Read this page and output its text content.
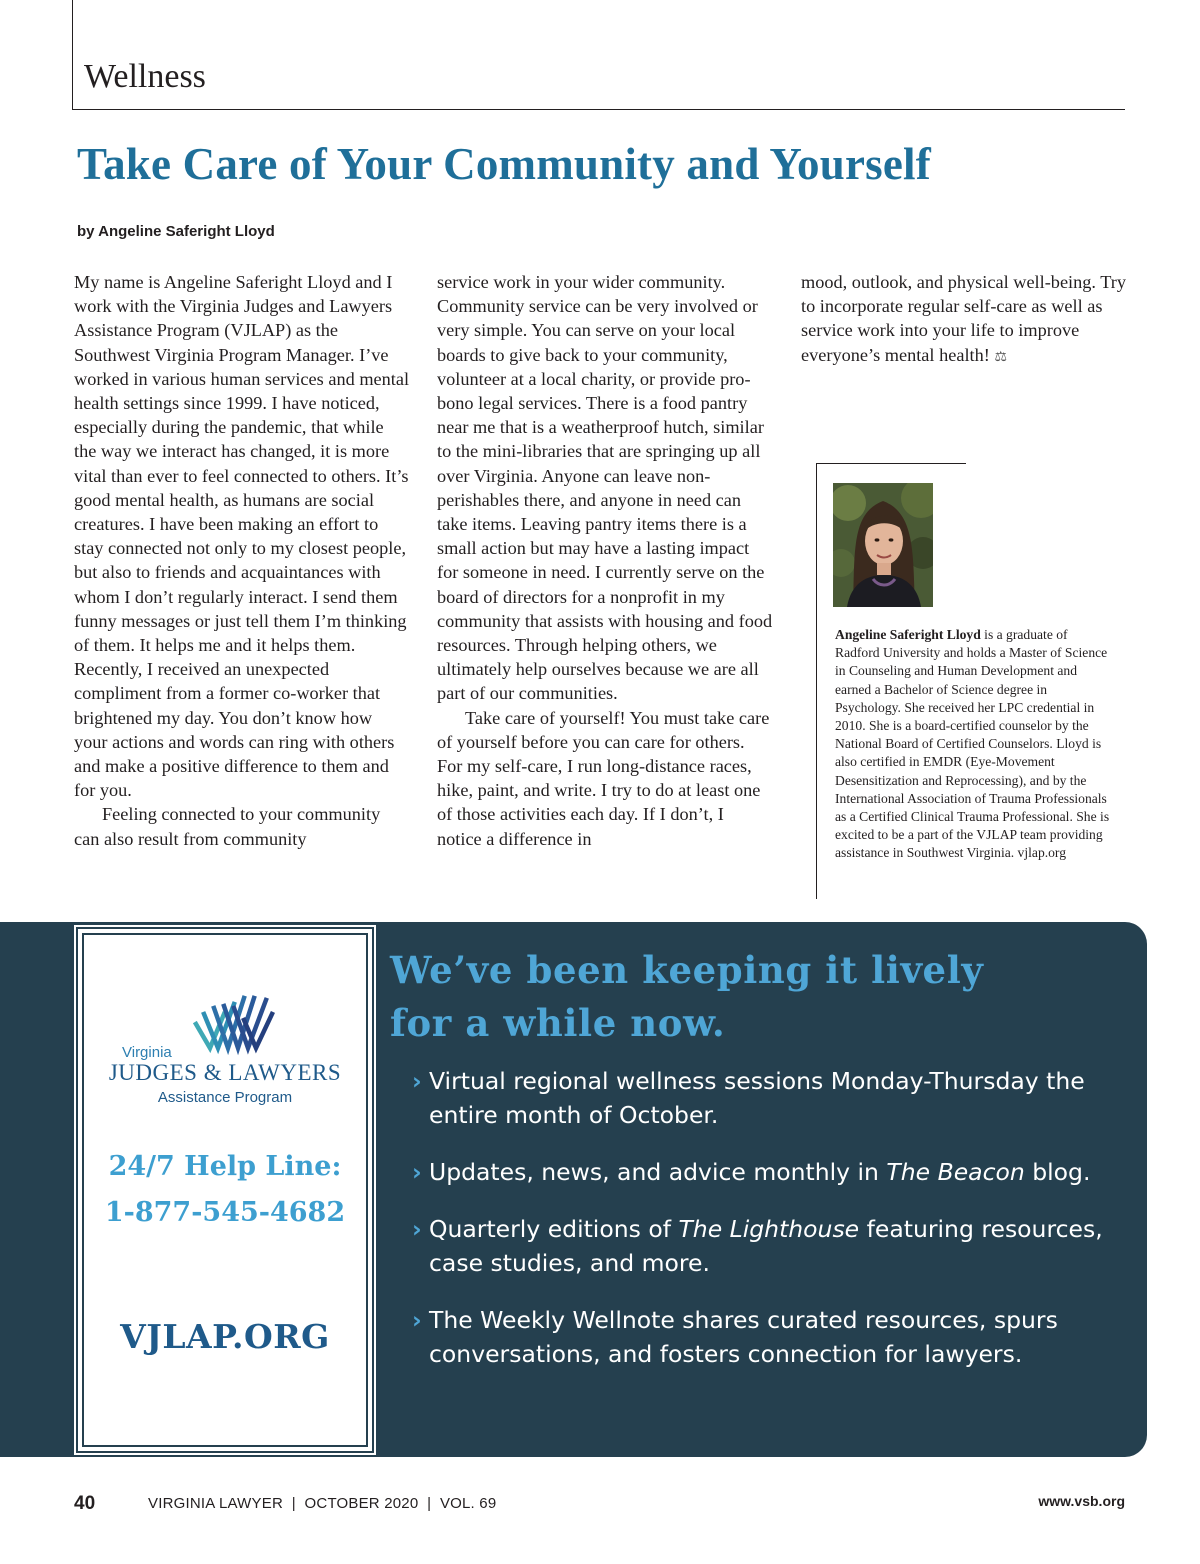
Wellness
Take Care of Your Community and Yourself
by Angeline Saferight Lloyd

My name is Angeline Saferight Lloyd and I work with the Virginia Judges and Lawyers Assistance Program (VJLAP) as the Southwest Virginia Program Manager. I’ve worked in various human services and mental health settings since 1999. I have noticed, especially during the pandemic, that while the way we interact has changed, it is more vital than ever to feel connected to others. It’s good mental health, as humans are social creatures. I have been making an effort to stay connected not only to my closest people, but also to friends and acquaintances with whom I don’t regularly interact. I send them funny messages or just tell them I’m thinking of them. It helps me and it helps them. Recently, I received an unexpected compliment from a former co-worker that brightened my day. You don’t know how your actions and words can ring with others and make a positive difference to them and for you.

Feeling connected to your community can also result from community

service work in your wider community. Community service can be very involved or very simple. You can serve on your local boards to give back to your community, volunteer at a local charity, or provide pro-bono legal services. There is a food pantry near me that is a weatherproof hutch, similar to the mini-libraries that are springing up all over Virginia. Anyone can leave non-perishables there, and anyone in need can take items. Leaving pantry items there is a small action but may have a lasting impact for someone in need. I currently serve on the board of directors for a nonprofit in my community that assists with housing and food resources. Through helping others, we ultimately help ourselves because we are all part of our communities.

Take care of yourself! You must take care of yourself before you can care for others. For my self-care, I run long-distance races, hike, paint, and write. I try to do at least one of those activities each day. If I don’t, I notice a difference in

mood, outlook, and physical well-being. Try to incorporate regular self-care as well as service work into your life to improve everyone’s mental health! ⚖

Angeline Saferight Lloyd is a graduate of Radford University and holds a Master of Science in Counseling and Human Development and earned a Bachelor of Science degree in Psychology. She received her LPC credential in 2010. She is a board-certified counselor by the National Board of Certified Counselors. Lloyd is also certified in EMDR (Eye-Movement Desensitization and Reprocessing), and by the International Association of Trauma Professionals as a Certified Clinical Trauma Professional. She is excited to be a part of the VJLAP team providing assistance in Southwest Virginia. vjlap.org

Virginia
JUDGES & LAWYERS
Assistance Program
24/7 Help Line:
1-877-545-4682
VJLAP.ORG
We’ve been keeping it lively
for a while now.
› Virtual regional wellness sessions Monday-Thursday the entire month of October.
› Updates, news, and advice monthly in The Beacon blog.
› Quarterly editions of The Lighthouse featuring resources, case studies, and more.
› The Weekly Wellnote shares curated resources, spurs conversations, and fosters connection for lawyers.
40	VIRGINIA LAWYER  |  OCTOBER 2020  |  VOL. 69	www.vsb.org
